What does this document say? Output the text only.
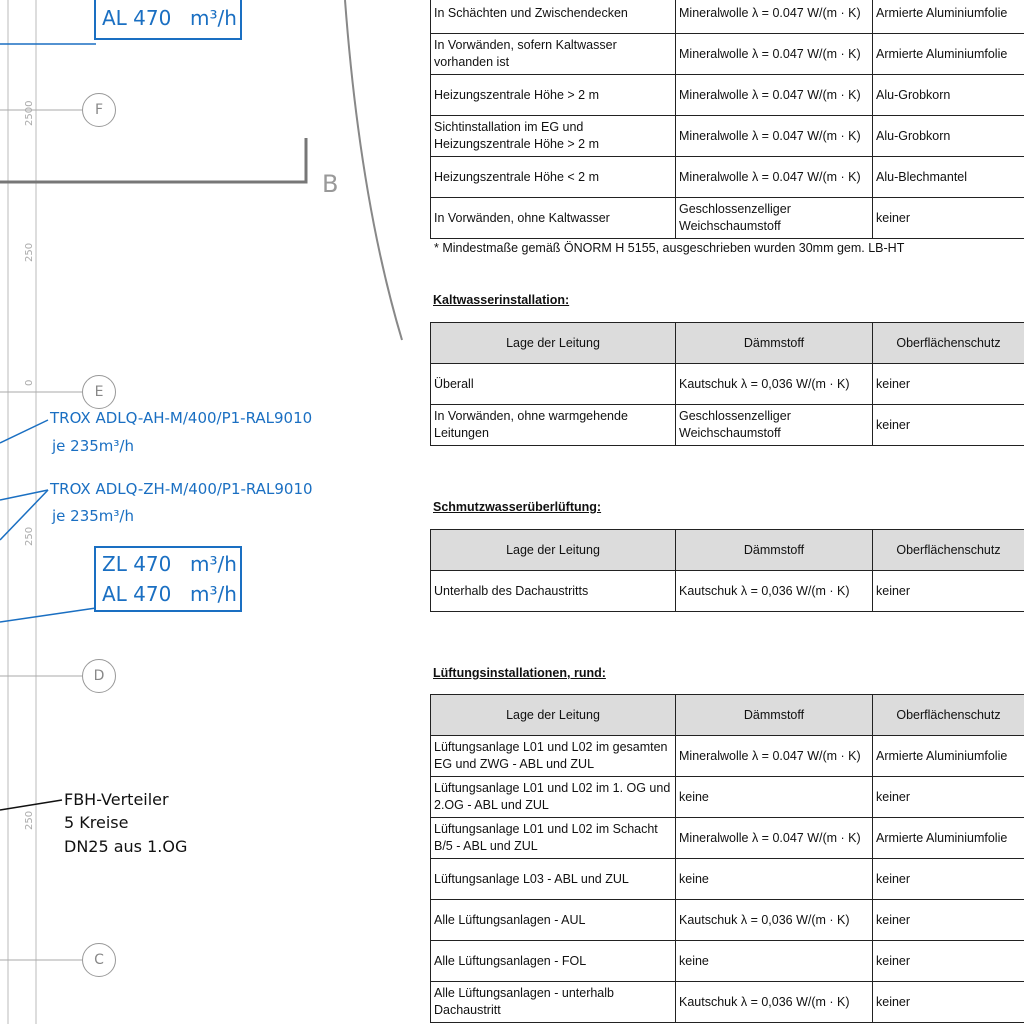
AL 470 m³/h
ZL 470 m³/h
AL 470 m³/h
F
E
D
C
B
2500
250
0
250
250
TROX ADLQ-AH-M/400/P1-RAL9010
je 235m³/h
TROX ADLQ-ZH-M/400/P1-RAL9010
je 235m³/h
FBH-Verteiler
5 Kreise
DN25 aus 1.OG
In Schächten und Zwischendecken	Mineralwolle λ = 0.047 W/(m · K)	Armierte Aluminiumfolie
In Vorwänden, sofern Kaltwasser vorhanden ist	Mineralwolle λ = 0.047 W/(m · K)	Armierte Aluminiumfolie
Heizungszentrale Höhe > 2 m	Mineralwolle λ = 0.047 W/(m · K)	Alu-Grobkorn
Sichtinstallation im EG und Heizungszentrale Höhe > 2 m	Mineralwolle λ = 0.047 W/(m · K)	Alu-Grobkorn
Heizungszentrale Höhe < 2 m	Mineralwolle λ = 0.047 W/(m · K)	Alu-Blechmantel
In Vorwänden, ohne Kaltwasser	Geschlossenzelliger Weichschaumstoff	keiner
* Mindestmaße gemäß ÖNORM H 5155, ausgeschrieben wurden 30mm gem. LB-HT
Kaltwasserinstallation:
Lage der Leitung	Dämmstoff	Oberflächenschutz
Überall	Kautschuk λ = 0,036 W/(m · K)	keiner
In Vorwänden, ohne warmgehende Leitungen	Geschlossenzelliger Weichschaumstoff	keiner
Schmutzwasserüberlüftung:
Lage der Leitung	Dämmstoff	Oberflächenschutz
Unterhalb des Dachaustritts	Kautschuk λ = 0,036 W/(m · K)	keiner
Lüftungsinstallationen, rund:
Lage der Leitung	Dämmstoff	Oberflächenschutz
Lüftungsanlage L01 und L02 im gesamten EG und ZWG - ABL und ZUL	Mineralwolle λ = 0.047 W/(m · K)	Armierte Aluminiumfolie
Lüftungsanlage L01 und L02 im 1. OG und 2.OG - ABL und ZUL	keine	keiner
Lüftungsanlage L01 und L02 im Schacht B/5 - ABL und ZUL	Mineralwolle λ = 0.047 W/(m · K)	Armierte Aluminiumfolie
Lüftungsanlage L03 - ABL und ZUL	keine	keiner
Alle Lüftungsanlagen - AUL	Kautschuk λ = 0,036 W/(m · K)	keiner
Alle Lüftungsanlagen - FOL	keine	keiner
Alle Lüftungsanlagen - unterhalb Dachaustritt	Kautschuk λ = 0,036 W/(m · K)	keiner
